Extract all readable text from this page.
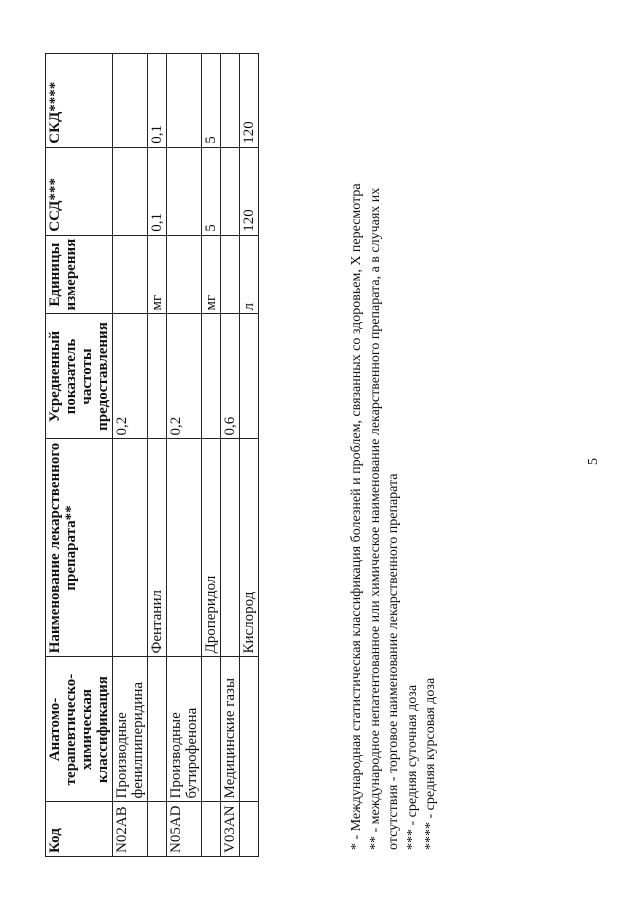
Код	Анатомо-терапевтическо-химическая классификация	Наименование лекарственного препарата**	Усредненный показатель частоты предоставления	Единицы измерения	ССД***	СКД****
N02AB	Производные фенилпиперидина		0,2			
		Фентанил		мг	0,1	0,1
N05AD	Производные бутирофенона		0,2			
		Дроперидол		мг	5	5
V03AN	Медицинские газы		0,6			
		Кислород		л	120	120
* - Международная статистическая классификация болезней и проблем, связанных со здоровьем, X пересмотра ** - международное непатентованное или химическое наименование лекарственного препарата, а в случаях их отсутствия - торговое наименование лекарственного препарата *** - средняя суточная доза **** - средняя курсовая доза
5
